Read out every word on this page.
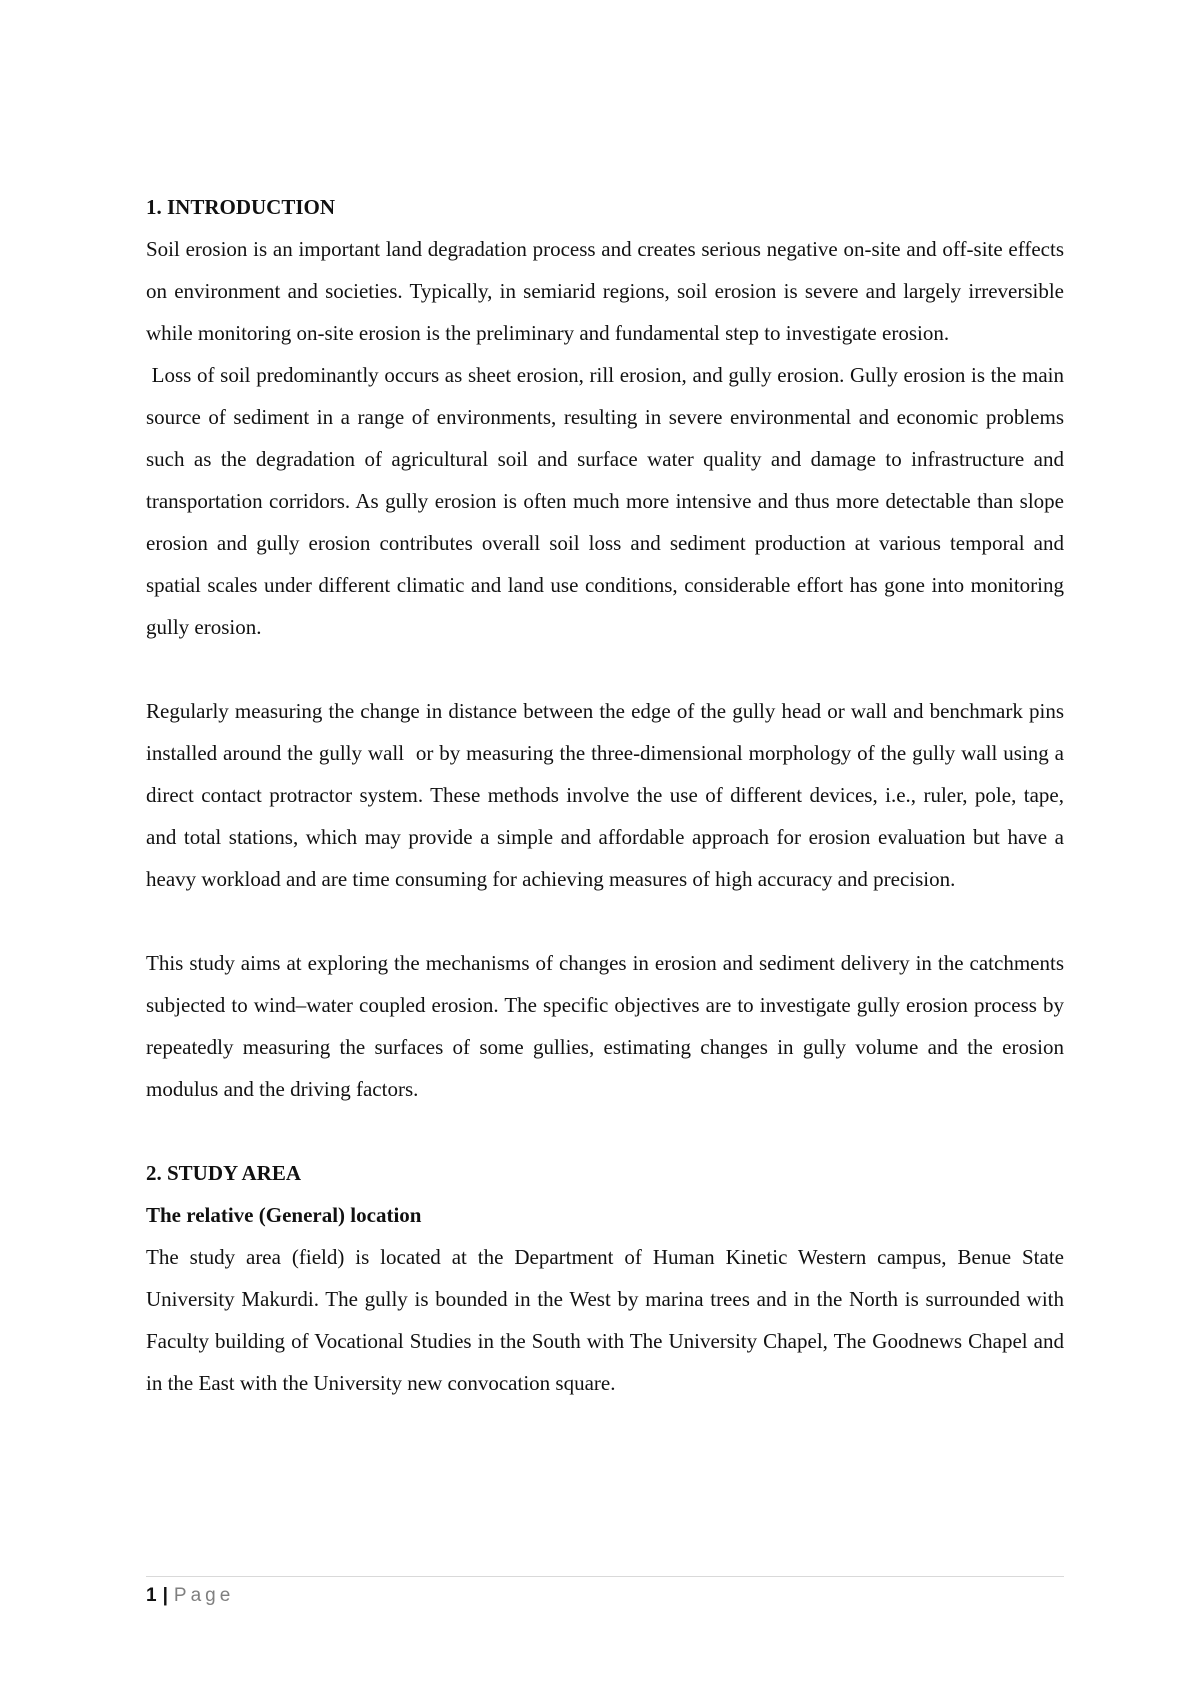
1. INTRODUCTION

Soil erosion is an important land degradation process and creates serious negative on-site and off-site effects on environment and societies. Typically, in semiarid regions, soil erosion is severe and largely irreversible while monitoring on-site erosion is the preliminary and fundamental step to investigate erosion.

Loss of soil predominantly occurs as sheet erosion, rill erosion, and gully erosion. Gully erosion is the main source of sediment in a range of environments, resulting in severe environmental and economic problems such as the degradation of agricultural soil and surface water quality and damage to infrastructure and transportation corridors. As gully erosion is often much more intensive and thus more detectable than slope erosion and gully erosion contributes overall soil loss and sediment production at various temporal and spatial scales under different climatic and land use conditions, considerable effort has gone into monitoring gully erosion.

Regularly measuring the change in distance between the edge of the gully head or wall and benchmark pins installed around the gully wall  or by measuring the three-dimensional morphology of the gully wall using a direct contact protractor system. These methods involve the use of different devices, i.e., ruler, pole, tape, and total stations, which may provide a simple and affordable approach for erosion evaluation but have a heavy workload and are time consuming for achieving measures of high accuracy and precision.

This study aims at exploring the mechanisms of changes in erosion and sediment delivery in the catchments subjected to wind–water coupled erosion. The specific objectives are to investigate gully erosion process by repeatedly measuring the surfaces of some gullies, estimating changes in gully volume and the erosion modulus and the driving factors.

2. STUDY AREA
The relative (General) location

The study area (field) is located at the Department of Human Kinetic Western campus, Benue State University Makurdi. The gully is bounded in the West by marina trees and in the North is surrounded with Faculty building of Vocational Studies in the South with The University Chapel, The Goodnews Chapel and in the East with the University new convocation square.

1 | Page
